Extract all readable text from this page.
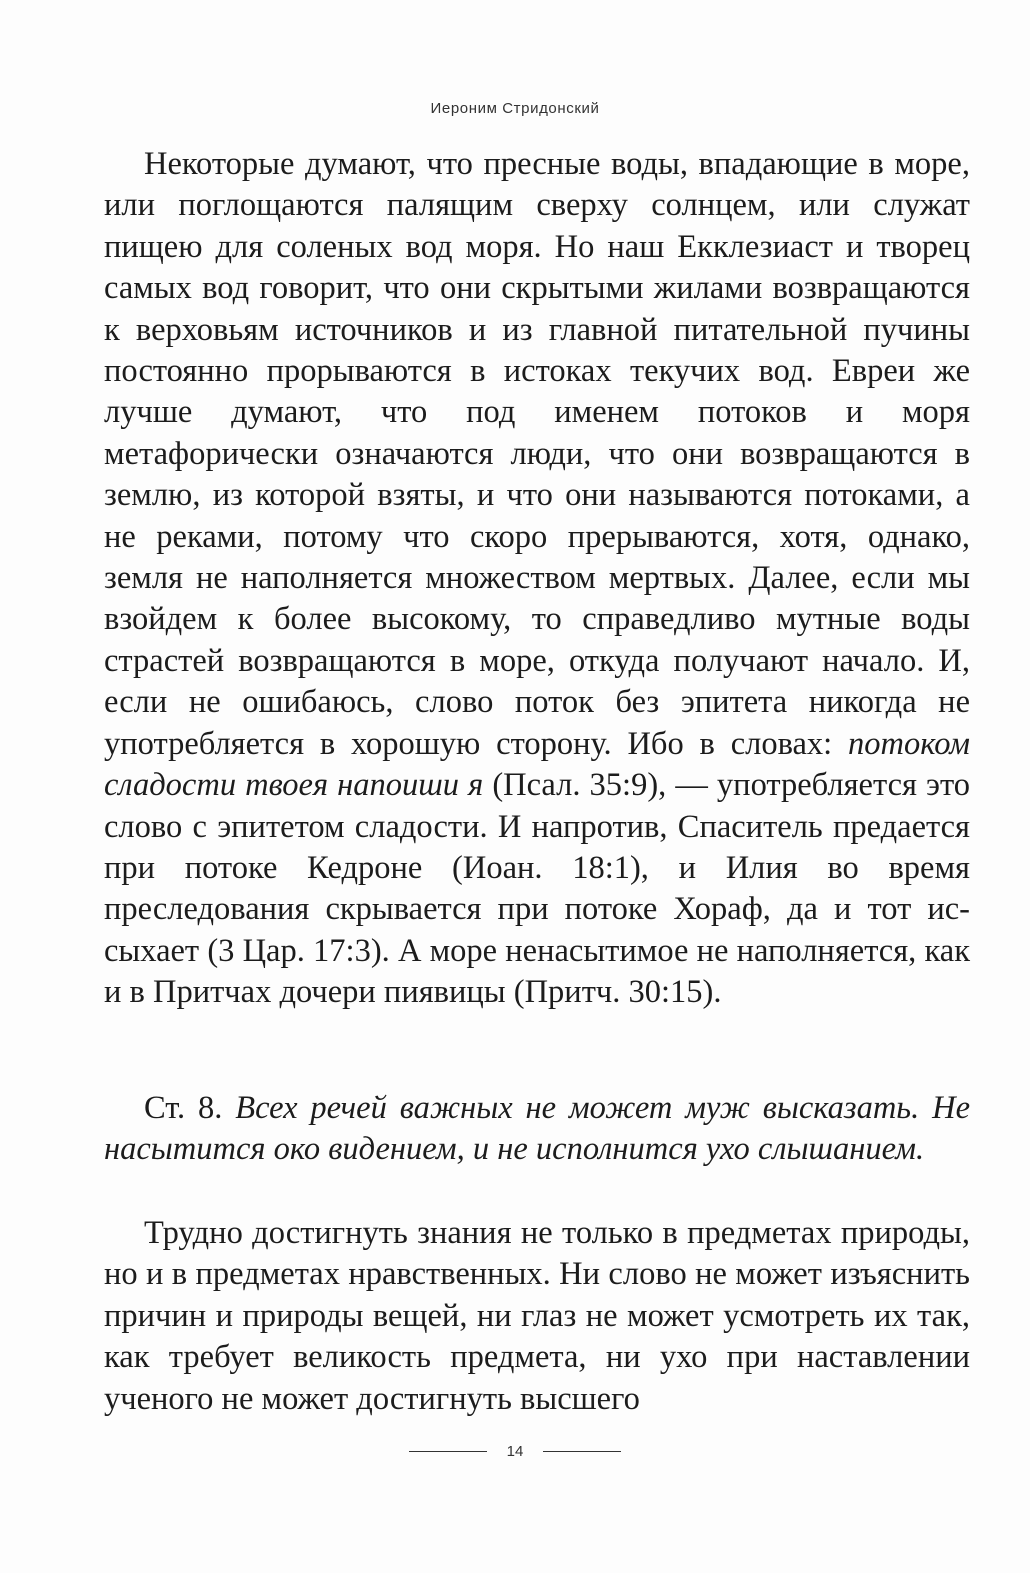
Иероним Стридонский

Некоторые думают, что пресные воды, впадающие в море, или поглощаются палящим сверху солнцем, или служат пищею для соленых вод моря. Но наш Екклезиаст и творец самых вод говорит, что они скрытыми жилами возвращаются к верховьям источников и из главной питательной пучины постоянно прорываются в истоках текучих вод. Евреи же лучше думают, что под именем потоков и моря метафорически означаются люди, что они возвращаются в землю, из которой взяты, и что они называются потоками, а не реками, потому что скоро прерываются, хотя, однако, земля не наполняется множеством мертвых. Далее, если мы взойдем к более высокому, то справедливо мутные воды страстей возвращаются в море, откуда получают начало. И, если не ошибаюсь, слово поток без эпитета никогда не употребляется в хорошую сторону. Ибо в словах: потоком сладости твоея напоиши я (Псал. 35:9), — употребляется это слово с эпитетом сладости. И напротив, Спаситель предается при потоке Кедроне (Иоан. 18:1), и Илия во время преследования скрывается при потоке Хораф, да и тот иссыхает (3 Цар. 17:3). А море ненасытимое не наполняется, как и в Притчах дочери пиявицы (Притч. 30:15).

Ст. 8. Всех речей важных не может муж высказать. Не насытится око видением, и не исполнится ухо слышанием.

Трудно достигнуть знания не только в предметах природы, но и в предметах нравственных. Ни слово не может изъяснить причин и природы вещей, ни глаз не может усмотреть их так, как требует великость предмета, ни ухо при наставлении ученого не может достигнуть высшего

14
